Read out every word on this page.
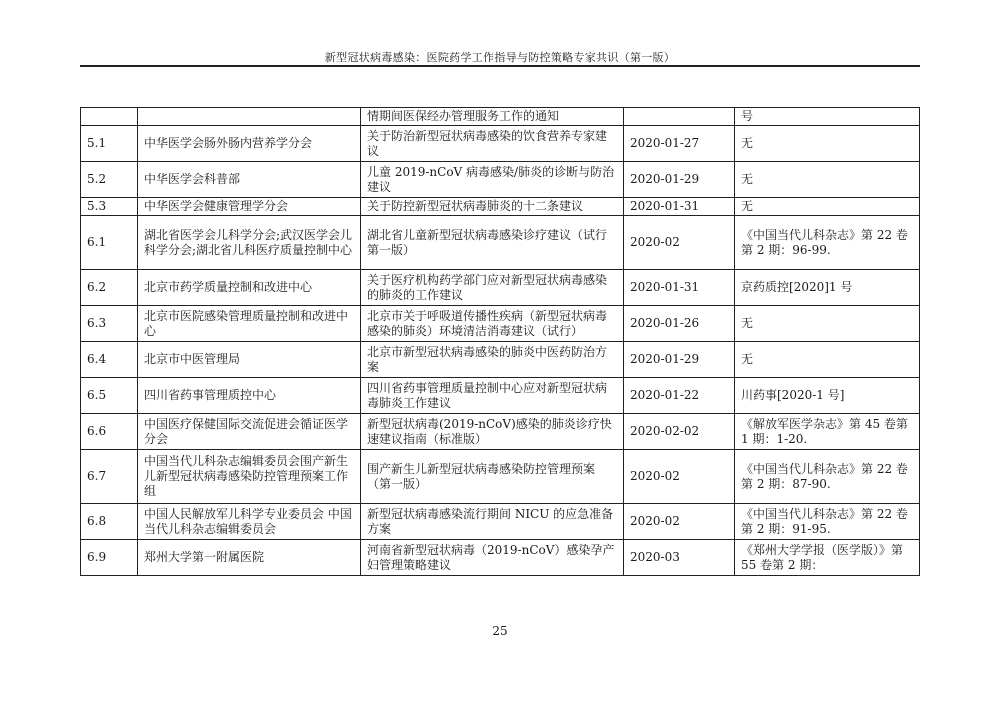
新型冠状病毒感染：医院药学工作指导与防控策略专家共识（第一版）
		情期间医保经办管理服务工作的通知		号
5.1	中华医学会肠外肠内营养学分会	关于防治新型冠状病毒感染的饮食营养专家建议	2020-01-27	无
5.2	中华医学会科普部	儿童 2019-nCoV 病毒感染/肺炎的诊断与防治建议	2020-01-29	无
5.3	中华医学会健康管理学分会	关于防控新型冠状病毒肺炎的十二条建议	2020-01-31	无
6.1	湖北省医学会儿科学分会;武汉医学会儿科学分会;湖北省儿科医疗质量控制中心	湖北省儿童新型冠状病毒感染诊疗建议（试行第一版）	2020-02	《中国当代儿科杂志》第 22 卷第 2 期：96-99.
6.2	北京市药学质量控制和改进中心	关于医疗机构药学部门应对新型冠状病毒感染的肺炎的工作建议	2020-01-31	京药质控[2020]1 号
6.3	北京市医院感染管理质量控制和改进中心	北京市关于呼吸道传播性疾病（新型冠状病毒感染的肺炎）环境清洁消毒建议（试行）	2020-01-26	无
6.4	北京市中医管理局	北京市新型冠状病毒感染的肺炎中医药防治方案	2020-01-29	无
6.5	四川省药事管理质控中心	四川省药事管理质量控制中心应对新型冠状病毒肺炎工作建议	2020-01-22	川药事[2020-1 号]
6.6	中国医疗保健国际交流促进会循证医学分会	新型冠状病毒(2019-nCoV)感染的肺炎诊疗快速建议指南（标准版）	2020-02-02	《解放军医学杂志》第 45 卷第 1 期：1-20.
6.7	中国当代儿科杂志编辑委员会围产新生儿新型冠状病毒感染防控管理预案工作组	围产新生儿新型冠状病毒感染防控管理预案（第一版）	2020-02	《中国当代儿科杂志》第 22 卷第 2 期：87-90.
6.8	中国人民解放军儿科学专业委员会 中国当代儿科杂志编辑委员会	新型冠状病毒感染流行期间 NICU 的应急准备方案	2020-02	《中国当代儿科杂志》第 22 卷第 2 期：91-95.
6.9	郑州大学第一附属医院	河南省新型冠状病毒（2019-nCoV）感染孕产妇管理策略建议	2020-03	《郑州大学学报（医学版）》第 55 卷第 2 期：
25
